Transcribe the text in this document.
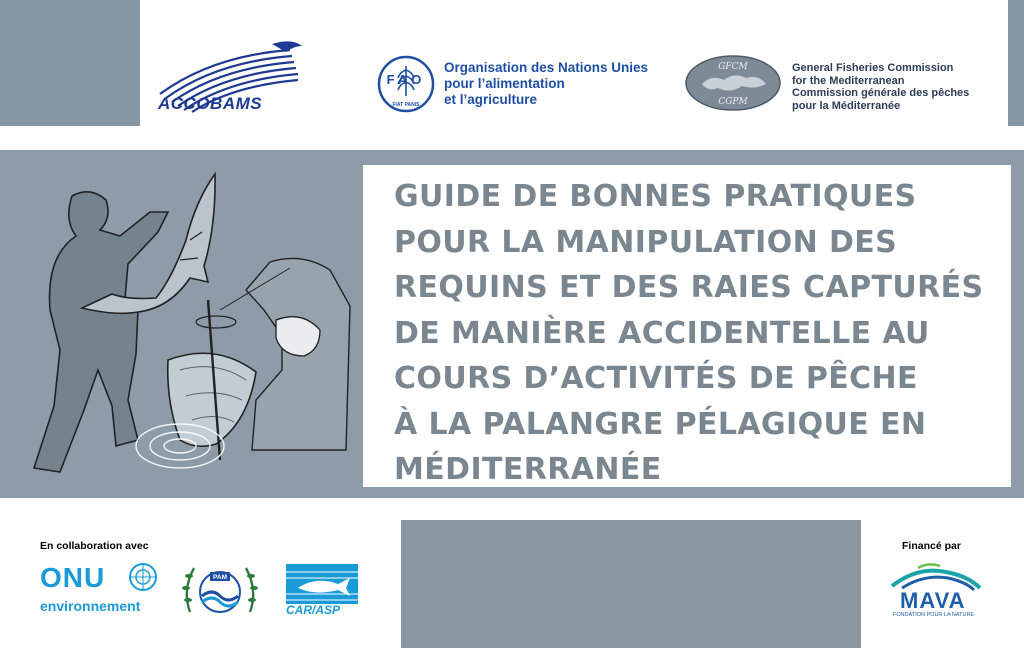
ACCOBAMS
FAO
FIAT PANIS
Organisation des Nations Unies
pour l’alimentation
et l’agriculture
GFCM
CGPM
General Fisheries Commission
for the Mediterranean
Commission générale des pêches
pour la Méditerranée
GUIDE DE BONNES PRATIQUES
POUR LA MANIPULATION DES
REQUINS ET DES RAIES CAPTURÉS
DE MANIÈRE ACCIDENTELLE AU
COURS D’ACTIVITÉS DE PÊCHE
À LA PALANGRE PÉLAGIQUE EN
MÉDITERRANÉE
En collaboration avec
ONU
environnement
PAM
CAR/ASP
Financé par
MAVA
FONDATION POUR LA NATURE
